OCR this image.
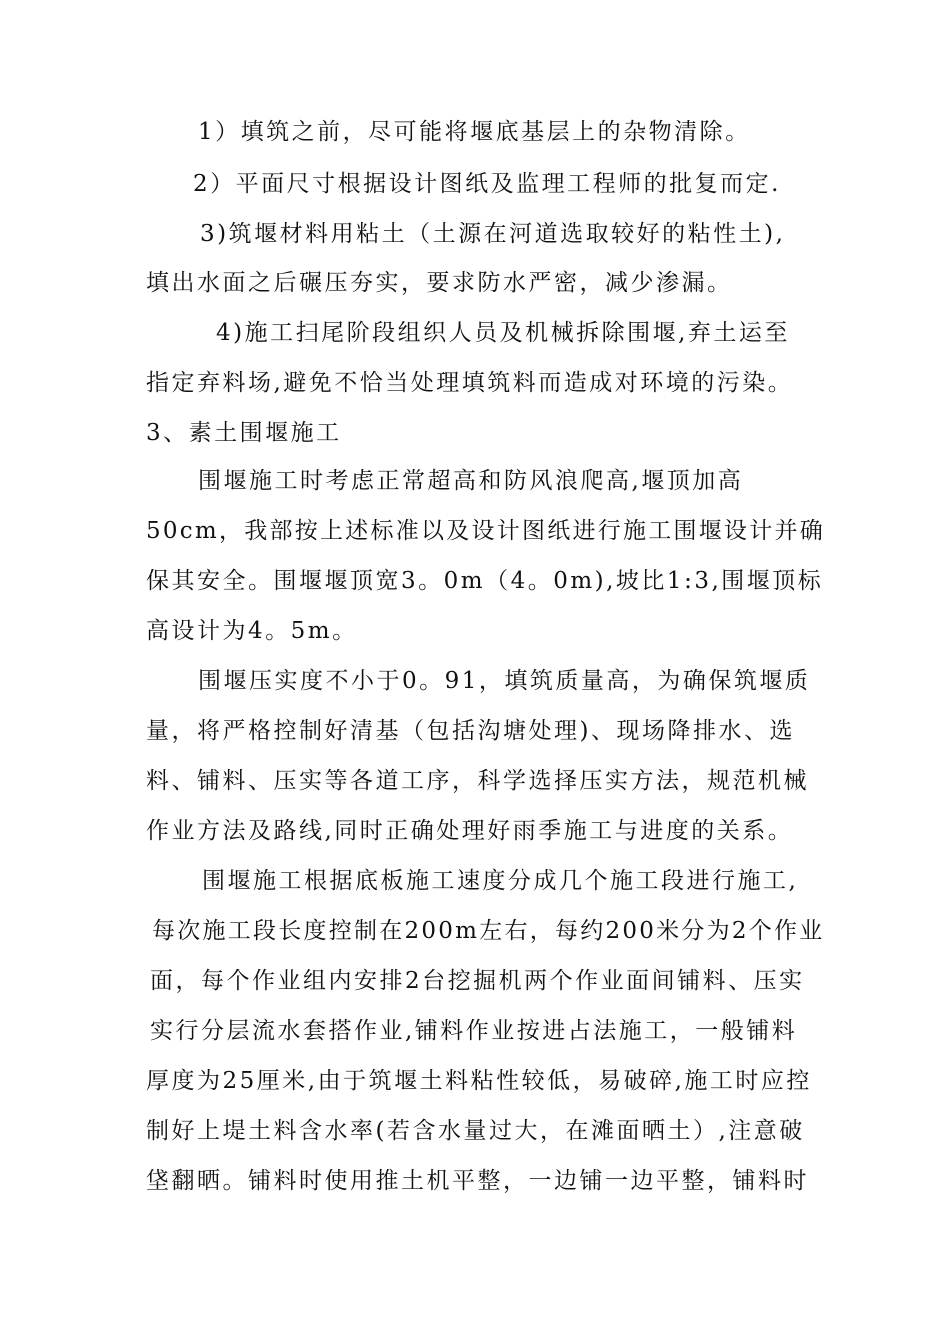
1）填筑之前，尽可能将堰底基层上的杂物清除。
2）平面尺寸根据设计图纸及监理工程师的批复而定.
3)筑堰材料用粘土（土源在河道选取较好的粘性土),
填出水面之后碾压夯实，要求防水严密，减少渗漏。
4)施工扫尾阶段组织人员及机械拆除围堰,弃土运至
指定弃料场,避免不恰当处理填筑料而造成对环境的污染。
3、素土围堰施工
围堰施工时考虑正常超高和防风浪爬高,堰顶加高
50cm，我部按上述标准以及设计图纸进行施工围堰设计并确
保其安全。围堰堰顶宽3。0m（4。0m),坡比1:3,围堰顶标
高设计为4。5m。
围堰压实度不小于0。91，填筑质量高，为确保筑堰质
量，将严格控制好清基（包括沟塘处理)、现场降排水、选
料、铺料、压实等各道工序，科学选择压实方法，规范机械
作业方法及路线,同时正确处理好雨季施工与进度的关系。
围堰施工根据底板施工速度分成几个施工段进行施工,
每次施工段长度控制在200m左右，每约200米分为2个作业
面，每个作业组内安排2台挖掘机两个作业面间铺料、压实
实行分层流水套搭作业,铺料作业按进占法施工，一般铺料
厚度为25厘米,由于筑堰土料粘性较低，易破碎,施工时应控
制好上堤土料含水率(若含水量过大，在滩面晒土）,注意破
垡翻晒。铺料时使用推土机平整，一边铺一边平整，铺料时
